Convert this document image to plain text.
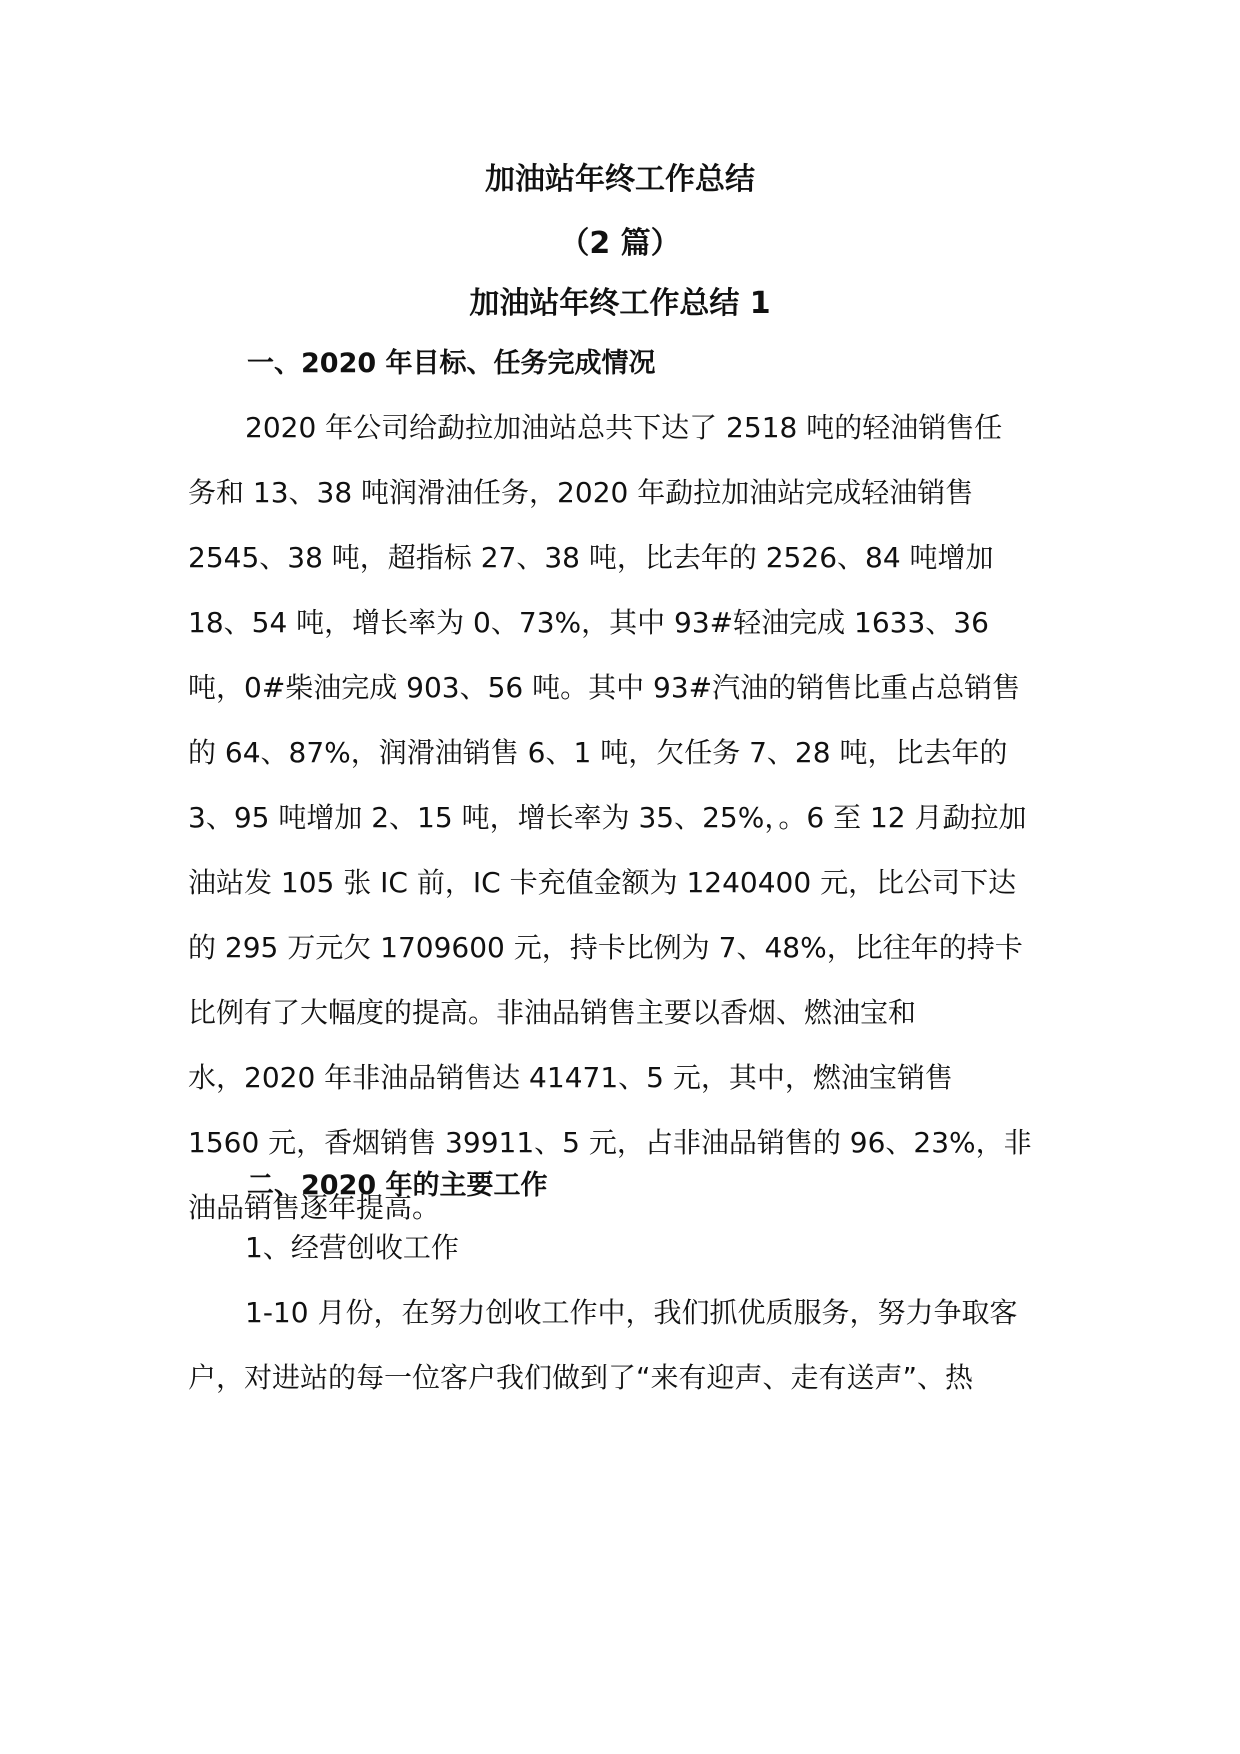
加油站年终工作总结
（2 篇）
加油站年终工作总结 1
一、2020 年目标、任务完成情况
2020 年公司给勐拉加油站总共下达了 2518 吨的轻油销售任
务和 13、38 吨润滑油任务，2020 年勐拉加油站完成轻油销售
2545、38 吨，超指标 27、38 吨，比去年的 2526、84 吨增加
18、54 吨，增长率为 0、73%，其中 93#轻油完成 1633、36
吨，0#柴油完成 903、56 吨。其中 93#汽油的销售比重占总销售
的 64、87%，润滑油销售 6、1 吨，欠任务 7、28 吨，比去年的
3、95 吨增加 2、15 吨，增长率为 35、25%，。6 至 12 月勐拉加
油站发 105 张 IC 前，IC 卡充值金额为 1240400 元，比公司下达
的 295 万元欠 1709600 元，持卡比例为 7、48%，比往年的持卡
比例有了大幅度的提高。非油品销售主要以香烟、燃油宝和
水，2020 年非油品销售达 41471、5 元，其中，燃油宝销售
1560 元，香烟销售 39911、5 元，占非油品销售的 96、23%，非
油品销售逐年提高。
二、2020 年的主要工作
1、经营创收工作
1-10 月份，在努力创收工作中，我们抓优质服务，努力争取客
户，对进站的每一位客户我们做到了“来有迎声、走有送声”、热
